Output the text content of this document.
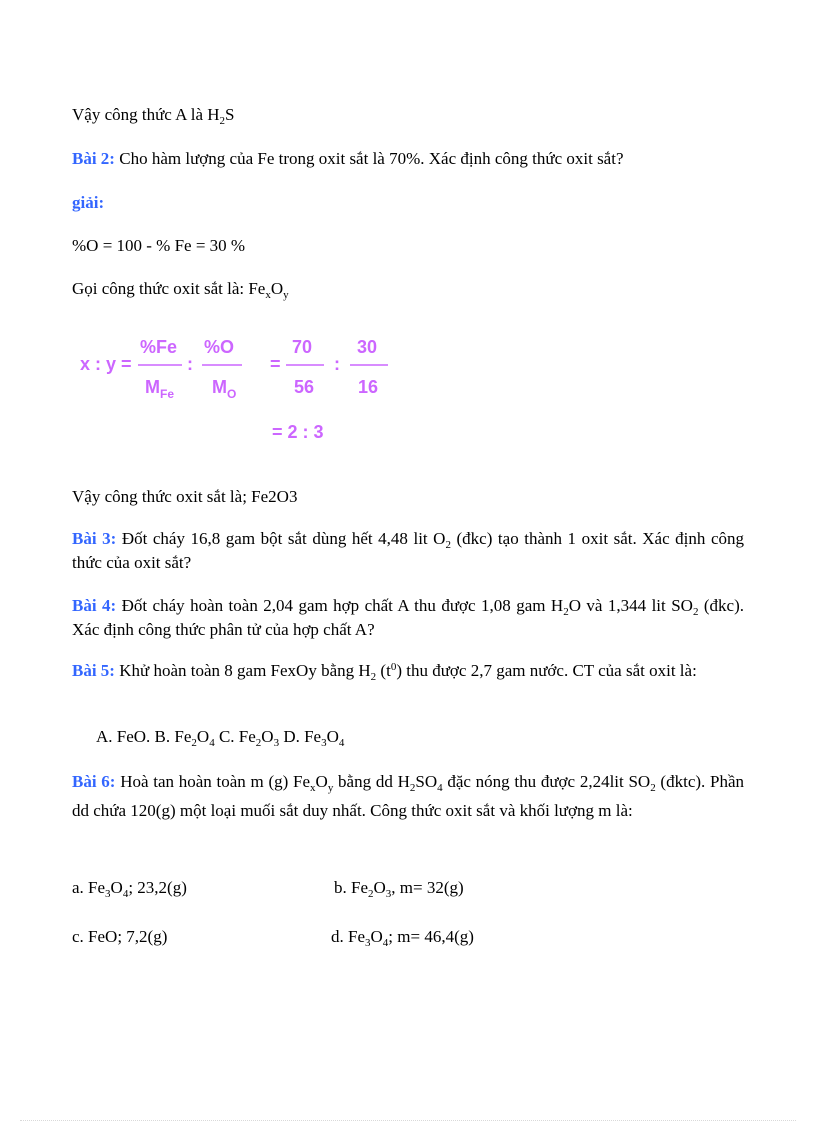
Vậy công thức A là $H_2S$
Bài 2: Cho hàm lượng của Fe trong oxit sắt là 70%. Xác định công thức oxit sắt?
giải:
%O = 100 - % Fe = 30 %
Gọi công thức oxit sắt là: $Fe_xO_y$
x : y =
%Fe
$M_{Fe}$
:
%O
$M_O$
=
70
56
:
30
16
= 2 : 3
Vậy công thức oxit sắt là; Fe2O3
Bài 3: Đốt cháy 16,8 gam bột sắt dùng hết 4,48 lit $O_2$ (đkc) tạo thành 1 oxit sắt. Xác định công thức của oxit sắt?
Bài 4: Đốt cháy hoàn toàn 2,04 gam hợp chất A thu được 1,08 gam $H_2O$ và 1,344 lit $SO_2$ (đkc). Xác định công thức phân tử của hợp chất A?
Bài 5: Khử hoàn toàn 8 gam FexOy bằng $H_2$ $(t^0)$ thu được 2,7 gam nước. CT của sắt oxit là:
A. FeO. B. $Fe_2O_4$ C. $Fe_2O_3$ D. $Fe_3O_4$
Bài 6: Hoà tan hoàn toàn m (g) $Fe_xO_y$ bằng dd $H_2SO_4$ đặc nóng thu được 2,24lit $SO_2$ (đktc). Phần dd chứa 120(g) một loại muối sắt duy nhất. Công thức oxit sắt và khối lượng m là:
a. $Fe_3O_4$; 23,2(g)	b. $Fe_2O_3$, m= 32(g)
c. FeO; 7,2(g)	d. $Fe_3O_4$; m= 46,4(g)
